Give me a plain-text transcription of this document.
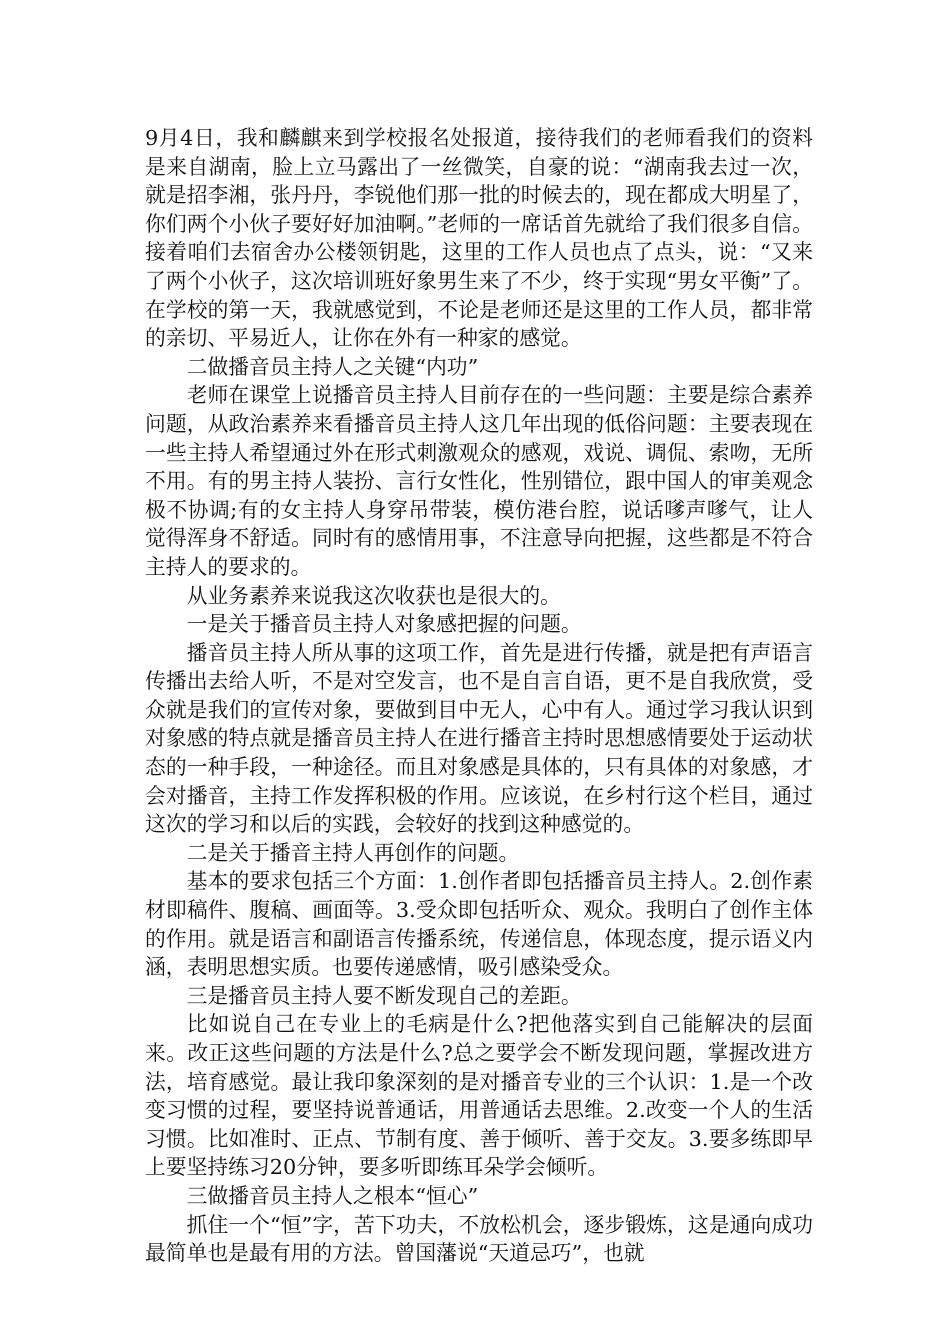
9月4日，我和麟麒来到学校报名处报道，接待我们的老师看我们的资料是来自湖南，脸上立马露出了一丝微笑，自豪的说：“湖南我去过一次，就是招李湘，张丹丹，李锐他们那一批的时候去的，现在都成大明星了，你们两个小伙子要好好加油啊。”老师的一席话首先就给了我们很多自信。接着咱们去宿舍办公楼领钥匙，这里的工作人员也点了点头，说：“又来了两个小伙子，这次培训班好象男生来了不少，终于实现“男女平衡”了。在学校的第一天，我就感觉到，不论是老师还是这里的工作人员，都非常的亲切、平易近人，让你在外有一种家的感觉。

二做播音员主持人之关键“内功”

老师在课堂上说播音员主持人目前存在的一些问题：主要是综合素养问题，从政治素养来看播音员主持人这几年出现的低俗问题：主要表现在一些主持人希望通过外在形式刺激观众的感观，戏说、调侃、索吻，无所不用。有的男主持人装扮、言行女性化，性别错位，跟中国人的审美观念极不协调;有的女主持人身穿吊带装，模仿港台腔，说话嗲声嗲气，让人觉得浑身不舒适。同时有的感情用事，不注意导向把握，这些都是不符合主持人的要求的。

从业务素养来说我这次收获也是很大的。

一是关于播音员主持人对象感把握的问题。

播音员主持人所从事的这项工作，首先是进行传播，就是把有声语言传播出去给人听，不是对空发言，也不是自言自语，更不是自我欣赏，受众就是我们的宣传对象，要做到目中无人，心中有人。通过学习我认识到对象感的特点就是播音员主持人在进行播音主持时思想感情要处于运动状态的一种手段，一种途径。而且对象感是具体的，只有具体的对象感，才会对播音，主持工作发挥积极的作用。应该说，在乡村行这个栏目，通过这次的学习和以后的实践，会较好的找到这种感觉的。

二是关于播音主持人再创作的问题。

基本的要求包括三个方面：1.创作者即包括播音员主持人。2.创作素材即稿件、腹稿、画面等。3.受众即包括听众、观众。我明白了创作主体的作用。就是语言和副语言传播系统，传递信息，体现态度，提示语义内涵，表明思想实质。也要传递感情，吸引感染受众。

三是播音员主持人要不断发现自己的差距。

比如说自己在专业上的毛病是什么?把他落实到自己能解决的层面来。改正这些问题的方法是什么?总之要学会不断发现问题，掌握改进方法，培育感觉。最让我印象深刻的是对播音专业的三个认识：1.是一个改变习惯的过程，要坚持说普通话，用普通话去思维。2.改变一个人的生活习惯。比如准时、正点、节制有度、善于倾听、善于交友。3.要多练即早上要坚持练习20分钟，要多听即练耳朵学会倾听。

三做播音员主持人之根本“恒心”

抓住一个“恒”字，苦下功夫，不放松机会，逐步锻炼，这是通向成功最简单也是最有用的方法。曾国藩说“天道忌巧”，也就
